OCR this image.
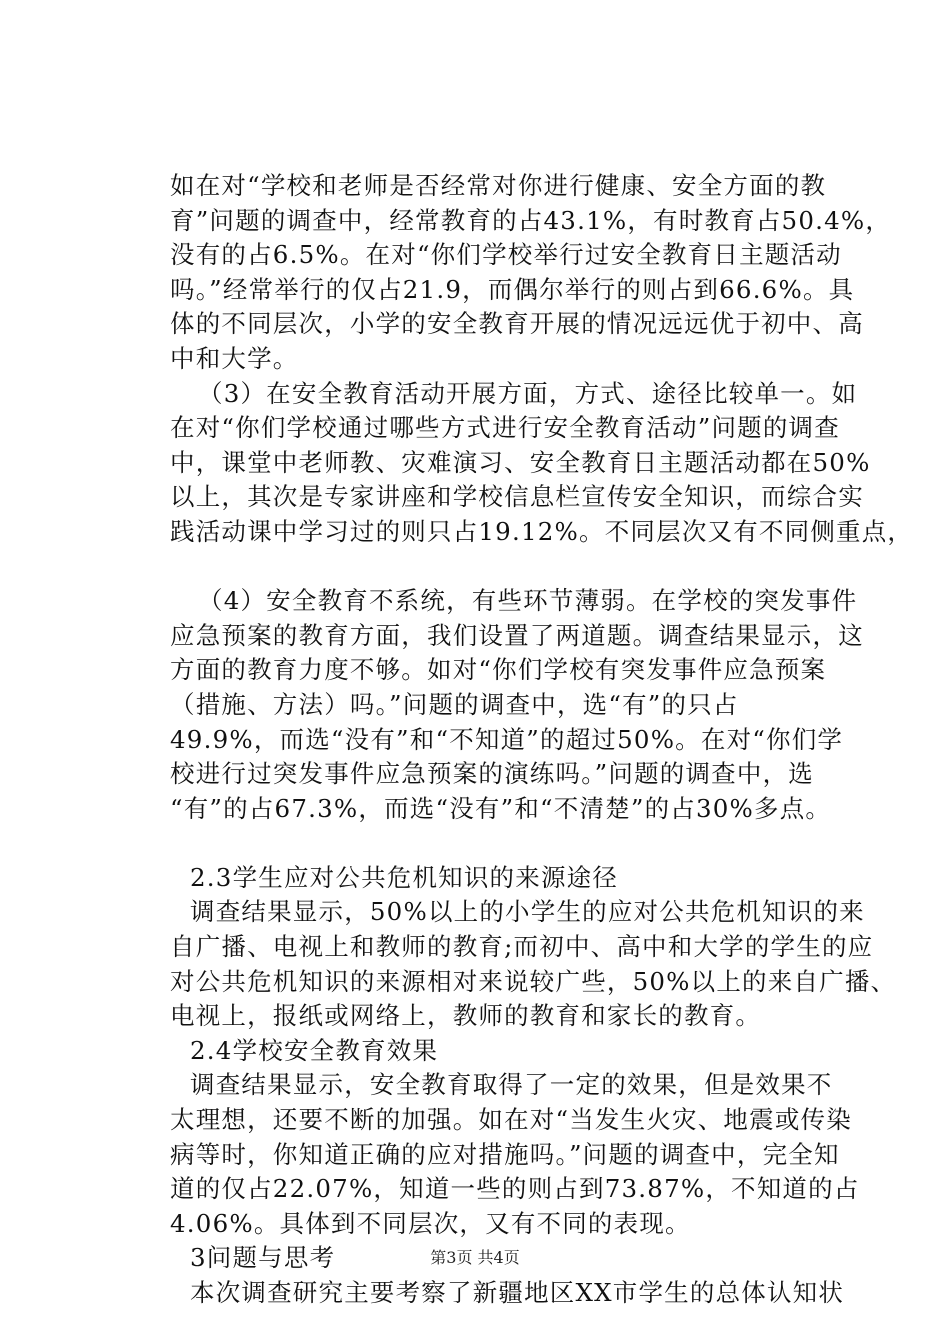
如在对“学校和老师是否经常对你进行健康、安全方面的教
育”问题的调查中，经常教育的占43.1%，有时教育占50.4%，
没有的占6.5%。在对“你们学校举行过安全教育日主题活动
吗。”经常举行的仅占21.9，而偶尔举行的则占到66.6%。具
体的不同层次，小学的安全教育开展的情况远远优于初中、高
中和大学。
（3）在安全教育活动开展方面，方式、途径比较单一。如
在对“你们学校通过哪些方式进行安全教育活动”问题的调查
中，课堂中老师教、灾难演习、安全教育日主题活动都在50%
以上，其次是专家讲座和学校信息栏宣传安全知识，而综合实
践活动课中学习过的则只占19.12%。不同层次又有不同侧重点，
（4）安全教育不系统，有些环节薄弱。在学校的突发事件
应急预案的教育方面，我们设置了两道题。调查结果显示，这
方面的教育力度不够。如对“你们学校有突发事件应急预案
（措施、方法）吗。”问题的调查中，选“有”的只占
49.9%，而选“没有”和“不知道”的超过50%。在对“你们学
校进行过突发事件应急预案的演练吗。”问题的调查中，选
“有”的占67.3%，而选“没有”和“不清楚”的占30%多点。
2.3学生应对公共危机知识的来源途径
调查结果显示，50%以上的小学生的应对公共危机知识的来
自广播、电视上和教师的教育;而初中、高中和大学的学生的应
对公共危机知识的来源相对来说较广些，50%以上的来自广播、
电视上，报纸或网络上，教师的教育和家长的教育。
2.4学校安全教育效果
调查结果显示，安全教育取得了一定的效果，但是效果不
太理想，还要不断的加强。如在对“当发生火灾、地震或传染
病等时，你知道正确的应对措施吗。”问题的调查中，完全知
道的仅占22.07%，知道一些的则占到73.87%，不知道的占
4.06%。具体到不同层次，又有不同的表现。
3问题与思考
本次调查研究主要考察了新疆地区XX市学生的总体认知状
第3页 共4页
